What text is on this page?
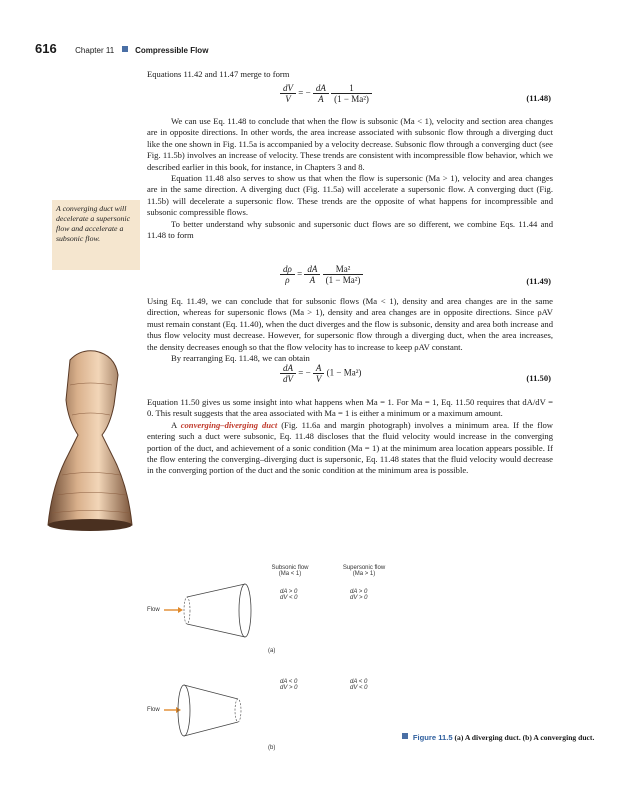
616 Chapter 11	Compressible Flow

Equations 11.42 and 11.47 merge to form

$\frac{dV}{V}$ = − $\frac{dA}{A}$
$\frac{1}{\text{(1 − Ma²)}}$	(11.48)

We can use Eq. 11.48 to conclude that when the flow is subsonic (Ma < 1), velocity and section area changes are in opposite directions. In other words, the area increase associated with subsonic flow through a diverging duct like the one shown in Fig. 11.5a is accompanied by a velocity decrease. Subsonic flow through a converging duct (see Fig. 11.5b) involves an increase of velocity. These trends are consistent with incompressible flow behavior, which we described earlier in this book, for instance, in Chapters 3 and 8.

Equation 11.48 also serves to show us that when the flow is supersonic (Ma > 1), velocity and area changes are in the same direction. A diverging duct (Fig. 11.5a) will accelerate a supersonic flow. A converging duct (Fig. 11.5b) will decelerate a supersonic flow. These trends are the opposite of what happens for incompressible and subsonic compressible flows.

To better understand why subsonic and supersonic duct flows are so different, we combine Eqs. 11.44 and 11.48 to form

A converging duct will decelerate a supersonic flow and accelerate a subsonic flow.
$\frac{d\rho}{\rho} = \frac{dA}{A}$
$\frac{\text{Ma²}}{\text{(1 − Ma²)}}$	(11.49)

Using Eq. 11.49, we can conclude that for subsonic flows (Ma < 1), density and area changes are in the same direction, whereas for supersonic flows (Ma > 1), density and area changes are in opposite directions. Since ρAV must remain constant (Eq. 11.40), when the duct diverges and the flow is subsonic, density and area both increase and thus flow velocity must decrease. However, for supersonic flow through a diverging duct, when the area increases, the density decreases enough so that the flow velocity has to increase to keep ρAV constant.

By rearranging Eq. 11.48, we can obtain

$\frac{dA}{dV}$ = − $\frac{A}{V} (1 - Ma^2)$
(11.50)

Equation 11.50 gives us some insight into what happens when Ma = 1. For Ma = 1, Eq. 11.50 requires that dA/dV = 0. This result suggests that the area associated with Ma = 1 is either a minimum or a maximum amount.

A converging–diverging duct (Fig. 11.6a and margin photograph) involves a minimum area. If the flow entering such a duct were subsonic, Eq. 11.48 discloses that the fluid velocity would increase in the converging portion of the duct, and achievement of a sonic condition (Ma = 1) at the minimum area location appears possible. If the flow entering the converging–diverging duct is supersonic, Eq. 11.48 states that the fluid velocity would decrease in the converging portion of the duct and the sonic condition at the minimum area is possible.

Subsonic flow
(Ma < 1)
Supersonic flow
(Ma > 1)
dA > 0
dV < 0
dA > 0
dV > 0
Flow
(a)
dA < 0
dV > 0
dA < 0
dV < 0
Flow
(b)
Figure 11.5 (a) A diverging duct. (b) A converging duct.
